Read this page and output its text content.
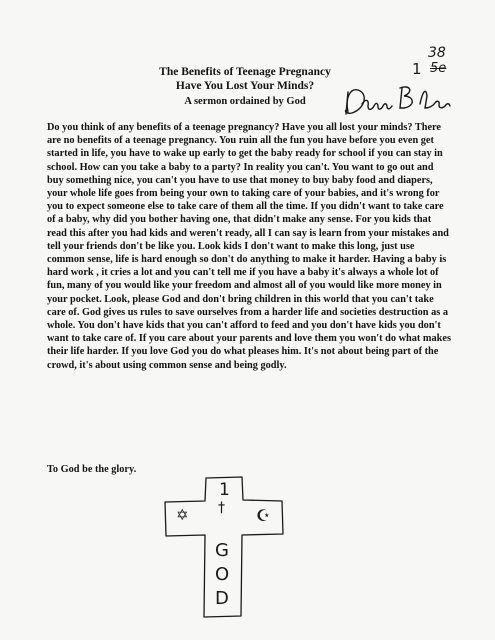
The Benefits of Teenage Pregnancy
Have You Lost Your Minds?
A sermon ordained by God
38
1 5e

Do you think of any benefits of a teenage pregnancy? Have you all lost your minds? There are no benefits of a teenage pregnancy. You ruin all the fun you have before you even get started in life, you have to wake up early to get the baby ready for school if you can stay in school. How can you take a baby to a party? In reality you can't. You want to go out and buy something nice, you can't you have to use that money to buy baby food and diapers, your whole life goes from being your own to taking care of your babies, and it's wrong for you to expect someone else to take care of them all the time. If you didn't want to take care of a baby, why did you bother having one, that didn't make any sense. For you kids that read this after you had kids and weren't ready, all I can say is learn from your mistakes and tell your friends don't be like you. Look kids I don't want to make this long, just use common sense, life is hard enough so don't do anything to make it harder. Having a baby is hard work , it cries a lot and you can't tell me if you have a baby it's always a whole lot of fun, many of you would like your freedom and almost all of you would like more money in your pocket. Look, please God and don't bring children in this world that you can't take care of. God gives us rules to save ourselves from a harder life and societies destruction as a whole. You don't have kids that you can't afford to feed and you don't have kids you don't want to take care of. If you care about your parents and love them you won't do what makes their life harder. If you love God you do what pleases him. It's not about being part of the crowd, it's about using common sense and being godly.

To God be the glory.
1
†
✡	☪
G
O
D
